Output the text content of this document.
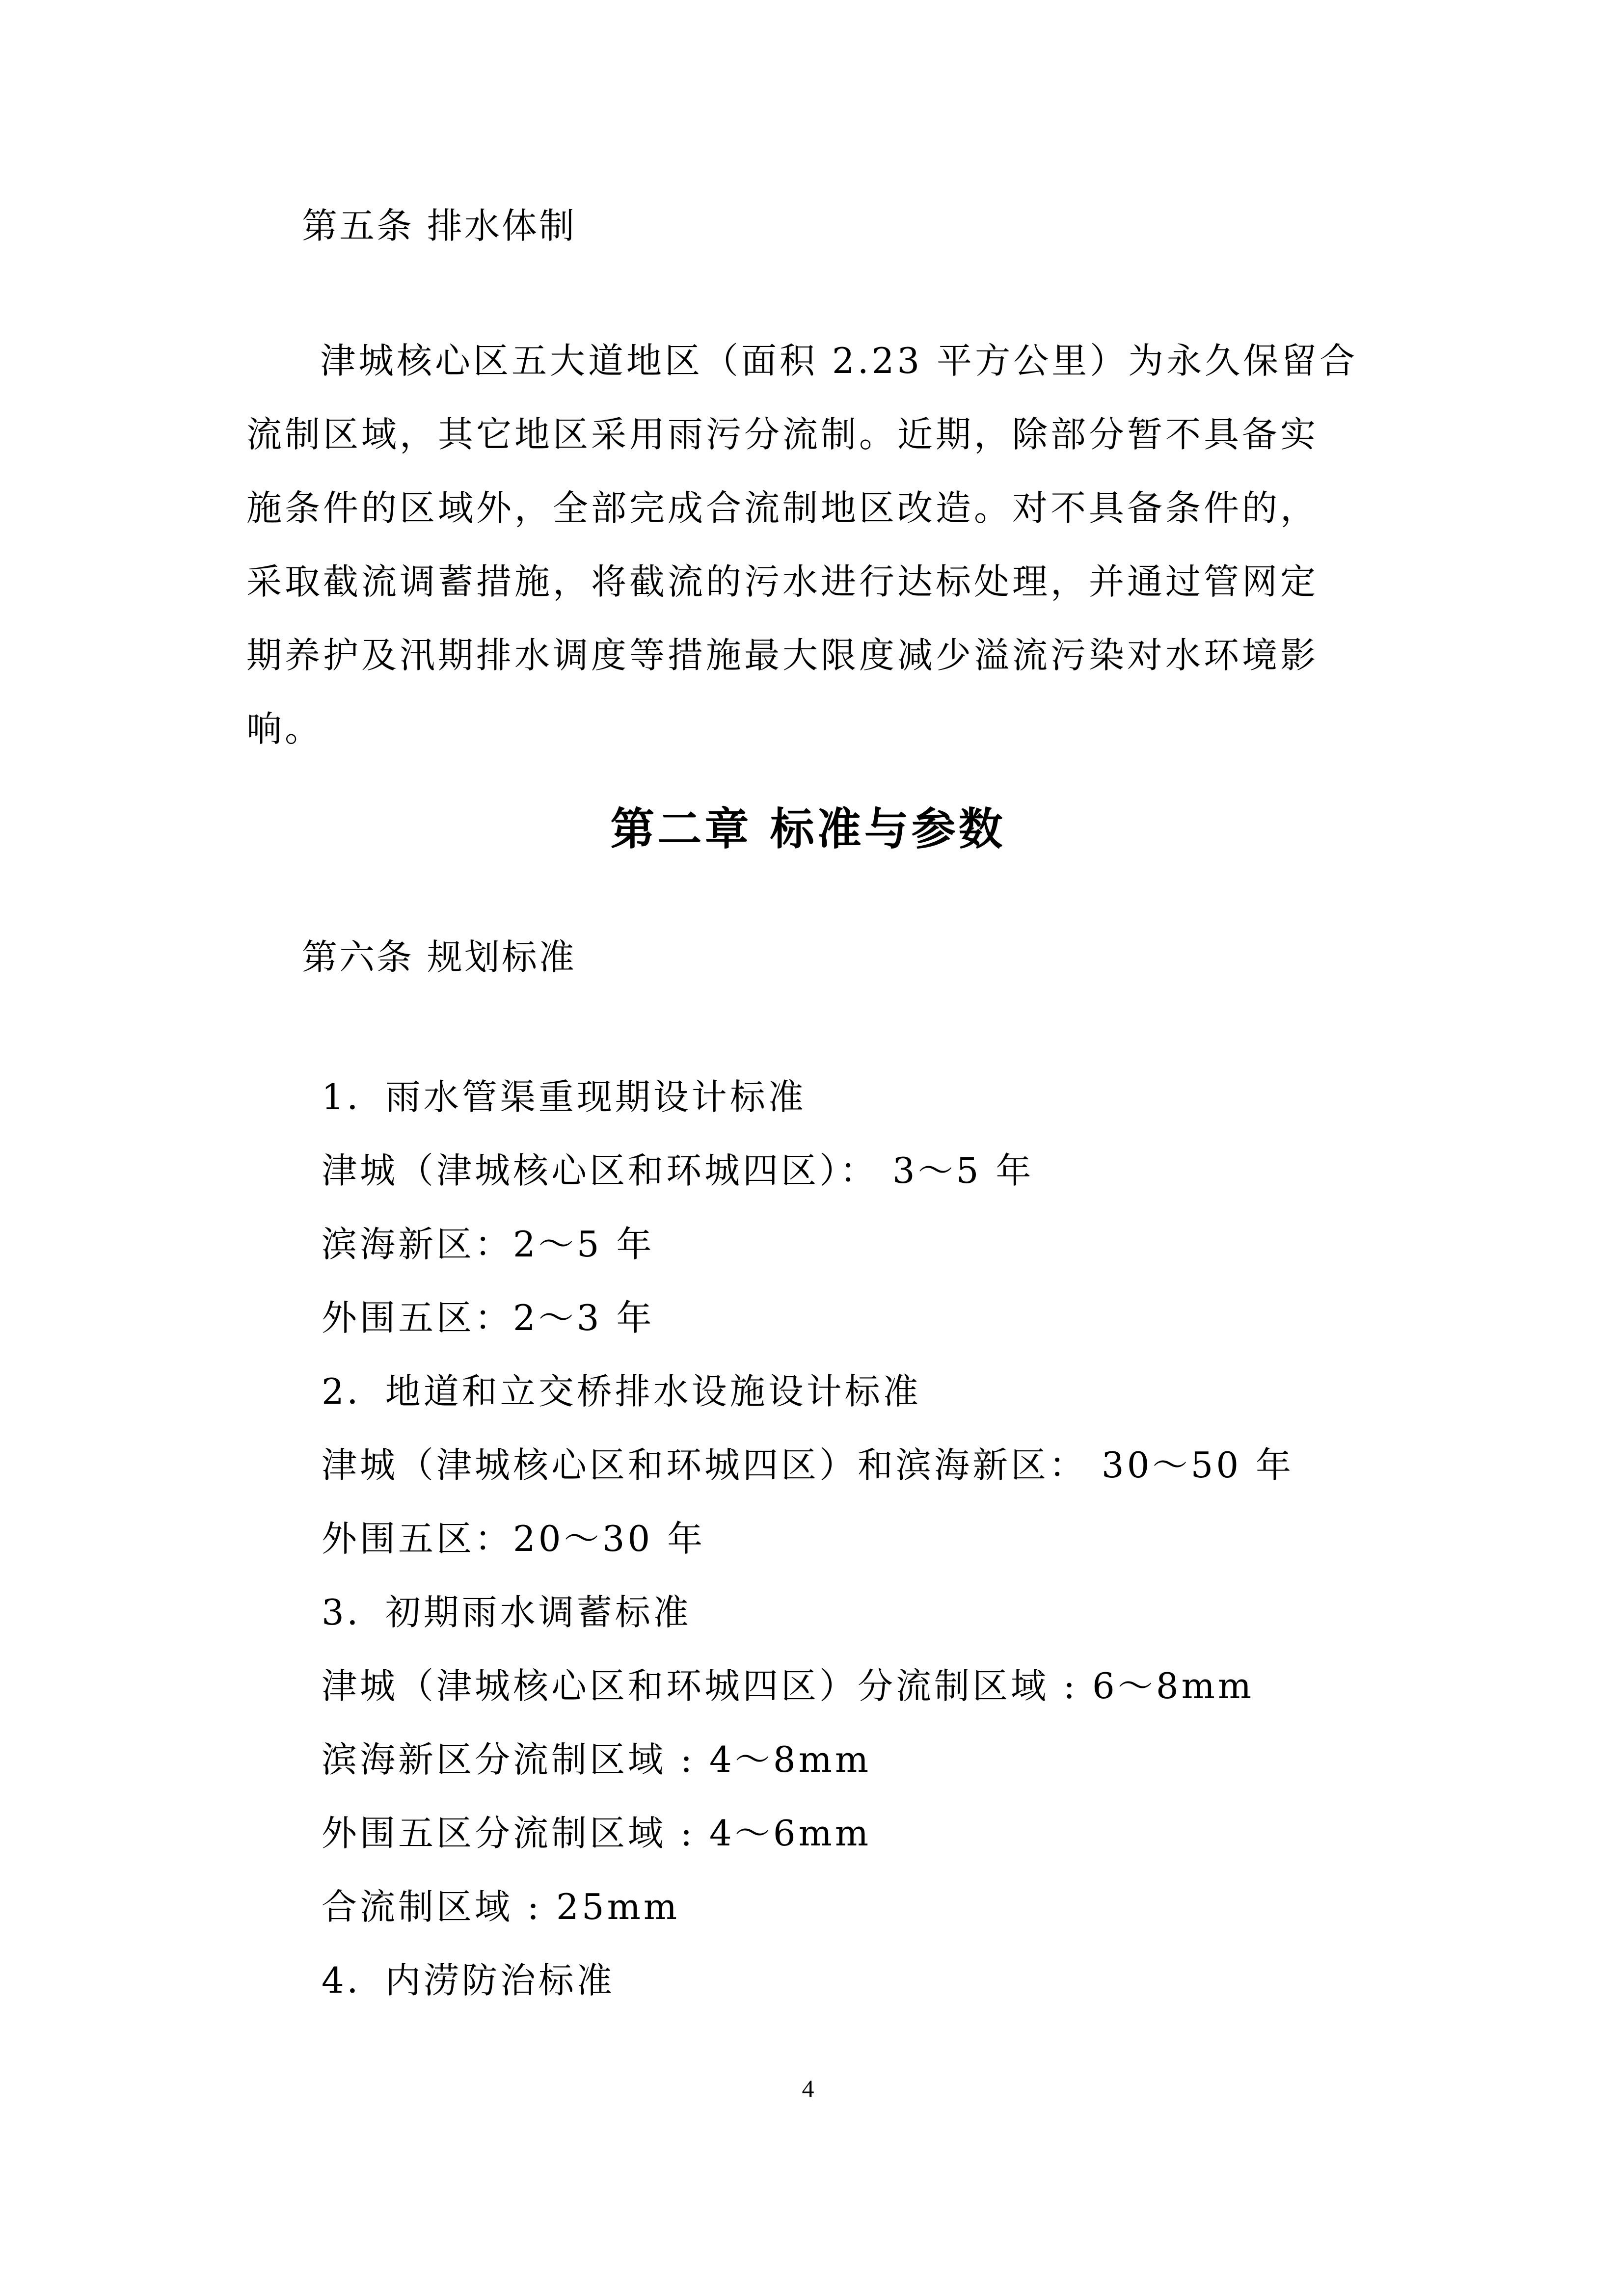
第五条 排水体制
津城核心区五大道地区（面积 2.23 平方公里）为永久保留合
流制区域，其它地区采用雨污分流制。近期，除部分暂不具备实
施条件的区域外，全部完成合流制地区改造。对不具备条件的，
采取截流调蓄措施，将截流的污水进行达标处理，并通过管网定
期养护及汛期排水调度等措施最大限度减少溢流污染对水环境影
响。
第二章 标准与参数
第六条 规划标准
1．雨水管渠重现期设计标准
津城（津城核心区和环城四区）： 3～5 年
滨海新区：2～5 年
外围五区：2～3 年
2．地道和立交桥排水设施设计标准
津城（津城核心区和环城四区）和滨海新区： 30～50 年
外围五区：20～30 年
3．初期雨水调蓄标准
津城（津城核心区和环城四区）分流制区域 : 6～8mm
滨海新区分流制区域 : 4～8mm
外围五区分流制区域 : 4～6mm
合流制区域 : 25mm
4．内涝防治标准
4
